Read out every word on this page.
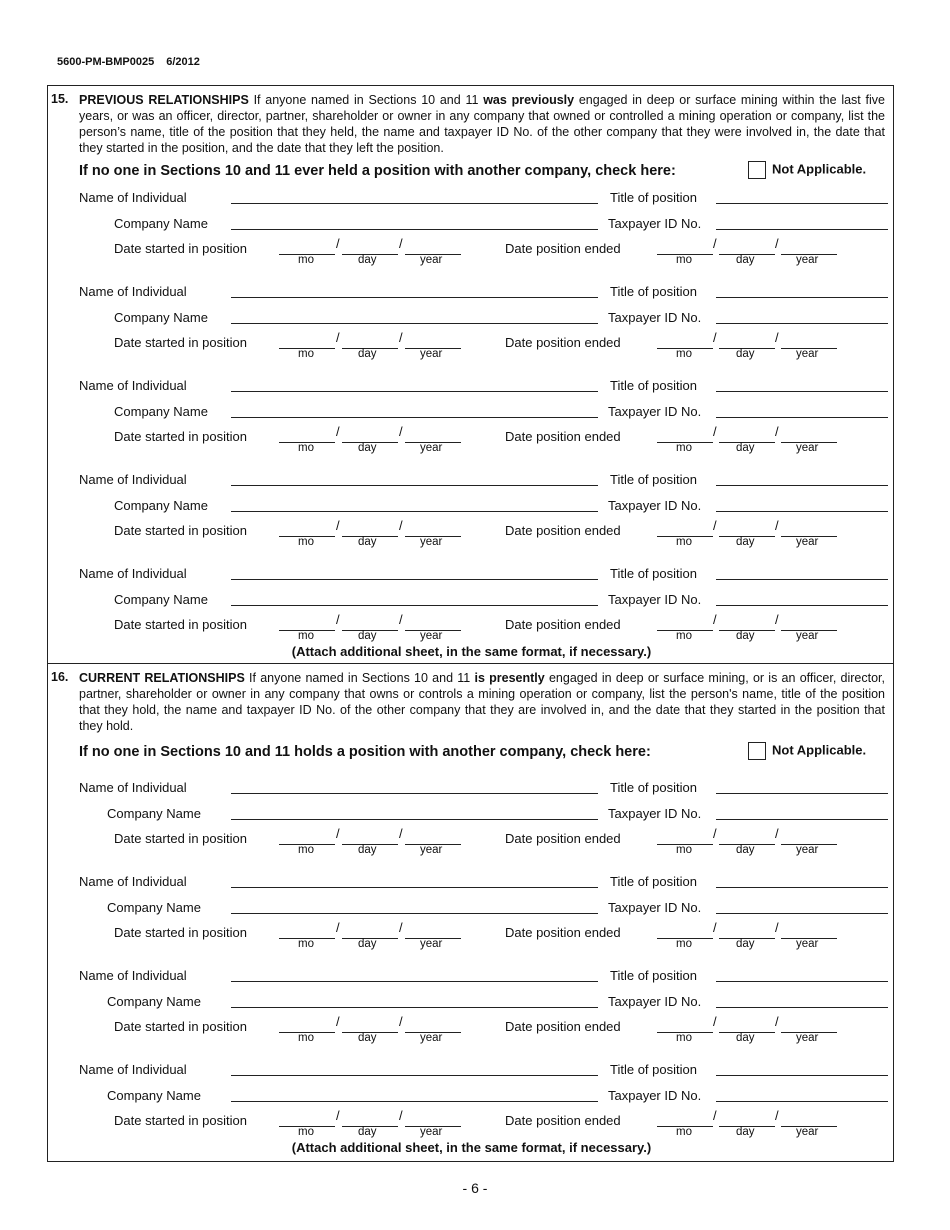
5600-PM-BMP0025 6/2012
15. PREVIOUS RELATIONSHIPS If anyone named in Sections 10 and 11 was previously engaged in deep or surface mining within the last five years, or was an officer, director, partner, shareholder or owner in any company that owned or controlled a mining operation or company, list the person’s name, title of the position that they held, the name and taxpayer ID No. of the other company that they were involved in, the date that they started in the position, and the date that they left the position.
If no one in Sections 10 and 11 ever held a position with another company, check here:	Not Applicable.
Name of Individual	Title of position
Company Name	Taxpayer ID No.
Date started in position	/	/
mo	day	year
Date position ended	/	/
mo	day	year
Name of Individual	Title of position
Company Name	Taxpayer ID No.
Date started in position	/	/
mo	day	year
Date position ended	/	/
mo	day	year
Name of Individual	Title of position
Company Name	Taxpayer ID No.
Date started in position	/	/
mo	day	year
Date position ended	/	/
mo	day	year
Name of Individual	Title of position
Company Name	Taxpayer ID No.
Date started in position	/	/
mo	day	year
Date position ended	/	/
mo	day	year
Name of Individual	Title of position
Company Name	Taxpayer ID No.
Date started in position	/	/
mo	day	year
Date position ended	/	/
mo	day	year
(Attach additional sheet, in the same format, if necessary.)
16. CURRENT RELATIONSHIPS If anyone named in Sections 10 and 11 is presently engaged in deep or surface mining, or is an officer, director, partner, shareholder or owner in any company that owns or controls a mining operation or company, list the person's name, title of the position that they hold, the name and taxpayer ID No. of the other company that they are involved in, and the date that they started in the position that they hold.
If no one in Sections 10 and 11 holds a position with another company, check here:	Not Applicable.
Name of Individual	Title of position
Company Name	Taxpayer ID No.
Date started in position	/	/
mo	day	year
Date position ended	/	/
mo	day	year
Name of Individual	Title of position
Company Name	Taxpayer ID No.
Date started in position	/	/
mo	day	year
Date position ended	/	/
mo	day	year
Name of Individual	Title of position
Company Name	Taxpayer ID No.
Date started in position	/	/
mo	day	year
Date position ended	/	/
mo	day	year
Name of Individual	Title of position
Company Name	Taxpayer ID No.
Date started in position	/	/
mo	day	year
Date position ended	/	/
mo	day	year
(Attach additional sheet, in the same format, if necessary.)
- 6 -
